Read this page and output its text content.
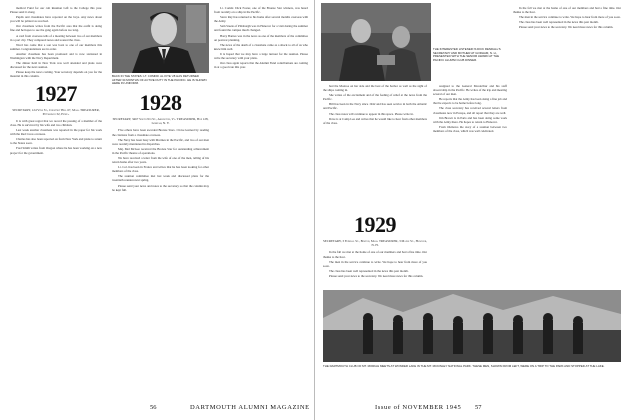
medical Fund for our cub Reunion Gift to the College this year. Please send it along.

Pupils and classmates have reported on the boys. Any news about you will be printed as received.

Our classmate writes from the Pacific area that the outfit is doing fine and he hopes to see the gang again before too long.

A card from overseas tells of a meeting between two of our members in a port city. They compared notes and toasted the class.

Word has come that a son was born to one of our members this summer. Congratulations are in order.

Another classmate has been promoted and is now stationed in Washington with the Navy Department.

The dinner held in New York was well attended and plans were discussed for the next reunion.

Please keep the news coming. Your secretary depends on you for the material in this column.

1927
SECRETARY, 124 Vine St., Chestnut Hill 67, Mass. TREASURER, Pittsburgh 32, Penna.

It is with great regret that we record the passing of a member of the class. He is survived by his wife and two children.

Last week another classmate was reported in the paper for his work with the Red Cross overseas.

Charles has also been reported on from New York and plans to return to the States soon.

Fred Smith writes from Oregon where he has been working on a new project for the government.

BACK IN THE STATES: LT. COMDR. AL KITE '28 HAS RETURNED AFTER 34 MONTHS OF ACTIVE DUTY IN THE PACIFIC. HE IS SHOWN HERE IN UNIFORM.
1928
SECRETARY, 3467 South 9th St., Arlington, Va. TREASURER, Box 128, Gorham, N. Y.

Five others have been awarded Bronze Stars. I have learned by reading the citations from a classmate overseas.

The Navy has been busy with Marines in the Pacific, and two of our men were recently mentioned in dispatches.

Maj. Mel McGee received the Bronze Star for outstanding achievement in the Pacific theatre of operations.

We have received a letter from the wife of one of the men, telling of his return home after two years.

Lt. Col. has been in France and writes that he has been looking for other members of the class.

The reunion committee met last week and discussed plans for the twentieth reunion next spring.

Please send your news and notes to the secretary so that the column may be kept full.

Lt. Comdr. Dick Foster, one of the Bronze Star winners, was heard from recently on a ship in the Pacific.

Steve Ray has returned to his home after several months overseas with the Army.

Sam Steele of Pittsburgh was in Hanover for a visit during the summer and found the campus much changed.

Harry Barnes was in the news as one of the members of the committee on postwar planning.

The news of the death of a classmate came as a shock to all of us who knew him well.

It is hoped that we may have a large turnout for the reunion. Please write the secretary with your plans.

Our class agent reports that the Alumni Fund contributions are coming in at a good rate this year.

56	DARTMOUTH ALUMNI MAGAZINE
THE INTERESTED LISTENER IS DICK RENDALL'S SECRETARY AND MOTHER AT GORHAM, N. H., PRESENTED WITH THE SENIOR AWARD AT THE PACIFIC ALUMNI CLUB DINNER.

assigned to the General MacArthur and his staff aboard ship in the Pacific. He writes of the trip and meeting several of our men.

He reports that the Army has been doing a fine job and that he expects to be home before long.

The class secretary has received several letters from classmates now in Europe, and all report that they are well.

Jim Brown is in Paris and has been doing some work with the Army there. He hopes to return to Hanover.

From Okinawa the story of a reunion between two members of the class, which was well celebrated.

had the Monroe on her side and the best of the harbor as well as the sight of the ships coming in.

She writes of the excitement and of the feeling of relief at the news from the Pacific.

Bill has been in the Navy since 1942 and has seen service in both the Atlantic and Pacific.

The class notes will continue to appear in this space. Please write in.

Dave is at Camp Lee and writes that he would like to hear from other members of the class.

1929
SECRETARY, 3 Federal St., Boston, Mass. TREASURER, 3 Maple St., Hanover, N. H.

In the fall we met at the home of one of our members and had a fine time. Our thanks to the host.

The men in the service continue to write. We hope to hear from more of you soon.

The class has been well represented in the news this past month.

Please send your news to the secretary. We need more news for this column.

In the fall we met at the home of one of our members and had a fine time. Our thanks to the host.

The men in the service continue to write. We hope to hear from more of you soon.

The class has been well represented in the news this past month.

Please send your news to the secretary. We need more news for this column.

THE DARTMOUTH CLUB OF MT. MORIAH MEETS AT WONDER LAKE IN THE MT. MCKINLEY NATIONAL PARK. THESE MEN, SHOWN FROM LEFT, WERE ON A TRIP TO THE PARK AND STOPPED AT THE LAKE.
Issue of NOVEMBER 1945 57
